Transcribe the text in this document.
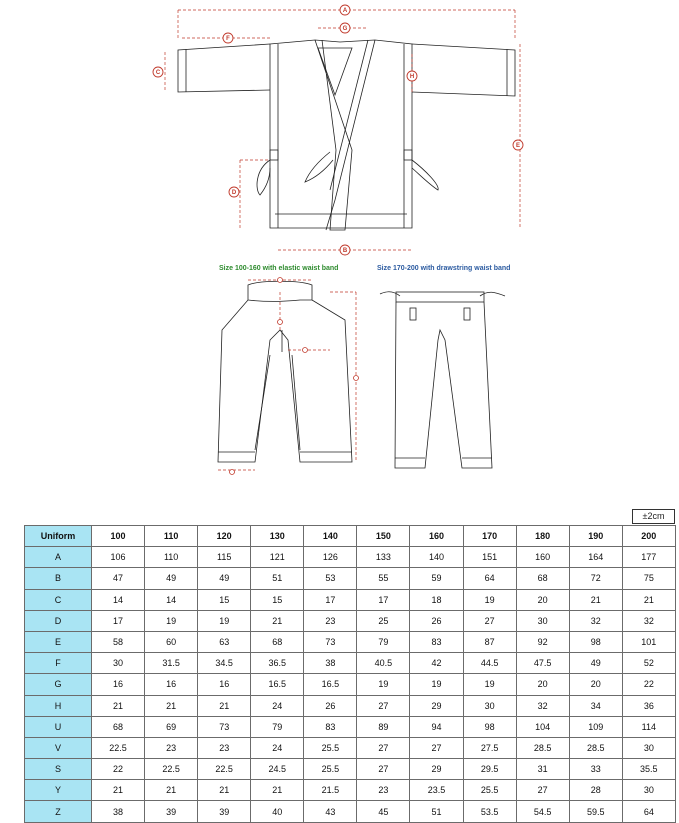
A
B
C
D
E
F
G
H
Size 100-160 with elastic waist band	Size 170-200 with drawstring waist band
±2cm
Uniform	100	110	120	130	140	150	160	170	180	190	200
A	106	110	115	121	126	133	140	151	160	164	177
B	47	49	49	51	53	55	59	64	68	72	75
C	14	14	15	15	17	17	18	19	20	21	21
D	17	19	19	21	23	25	26	27	30	32	32
E	58	60	63	68	73	79	83	87	92	98	101
F	30	31.5	34.5	36.5	38	40.5	42	44.5	47.5	49	52
G	16	16	16	16.5	16.5	19	19	19	20	20	22
H	21	21	21	24	26	27	29	30	32	34	36
U	68	69	73	79	83	89	94	98	104	109	114
V	22.5	23	23	24	25.5	27	27	27.5	28.5	28.5	30
S	22	22.5	22.5	24.5	25.5	27	29	29.5	31	33	35.5
Y	21	21	21	21	21.5	23	23.5	25.5	27	28	30
Z	38	39	39	40	43	45	51	53.5	54.5	59.5	64
